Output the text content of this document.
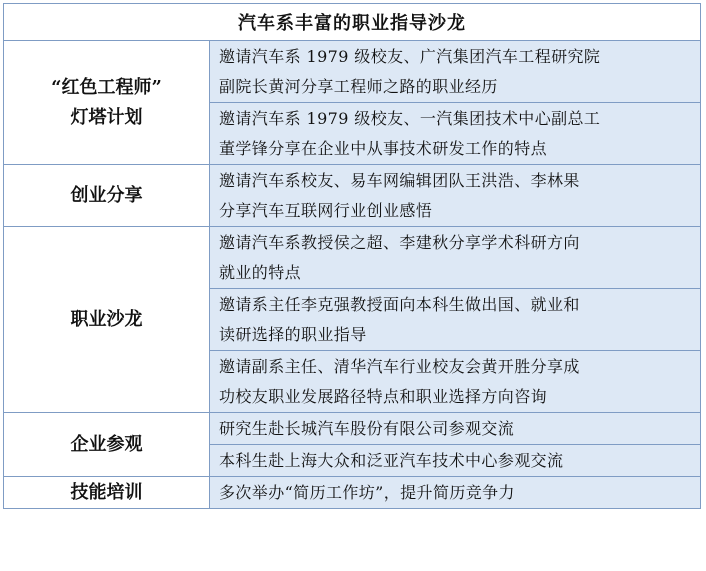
汽车系丰富的职业指导沙龙	

“红色工程师”
灯塔计划	邀请汽车系 1979 级校友、广汽集团汽车工程研究院
副院长黄河分享工程师之路的职业经历

	邀请汽车系 1979 级校友、一汽集团技术中心副总工
董学锋分享在企业中从事技术研发工作的特点

创业分享	邀请汽车系校友、易车网编辑团队王洪浩、李林果
分享汽车互联网行业创业感悟

职业沙龙	邀请汽车系教授侯之超、李建秋分享学术科研方向
就业的特点

	邀请系主任李克强教授面向本科生做出国、就业和
读研选择的职业指导

	邀请副系主任、清华汽车行业校友会黄开胜分享成
功校友职业发展路径特点和职业选择方向咨询

企业参观	研究生赴长城汽车股份有限公司参观交流

	本科生赴上海大众和泛亚汽车技术中心参观交流

技能培训	多次举办“简历工作坊”，提升简历竞争力
